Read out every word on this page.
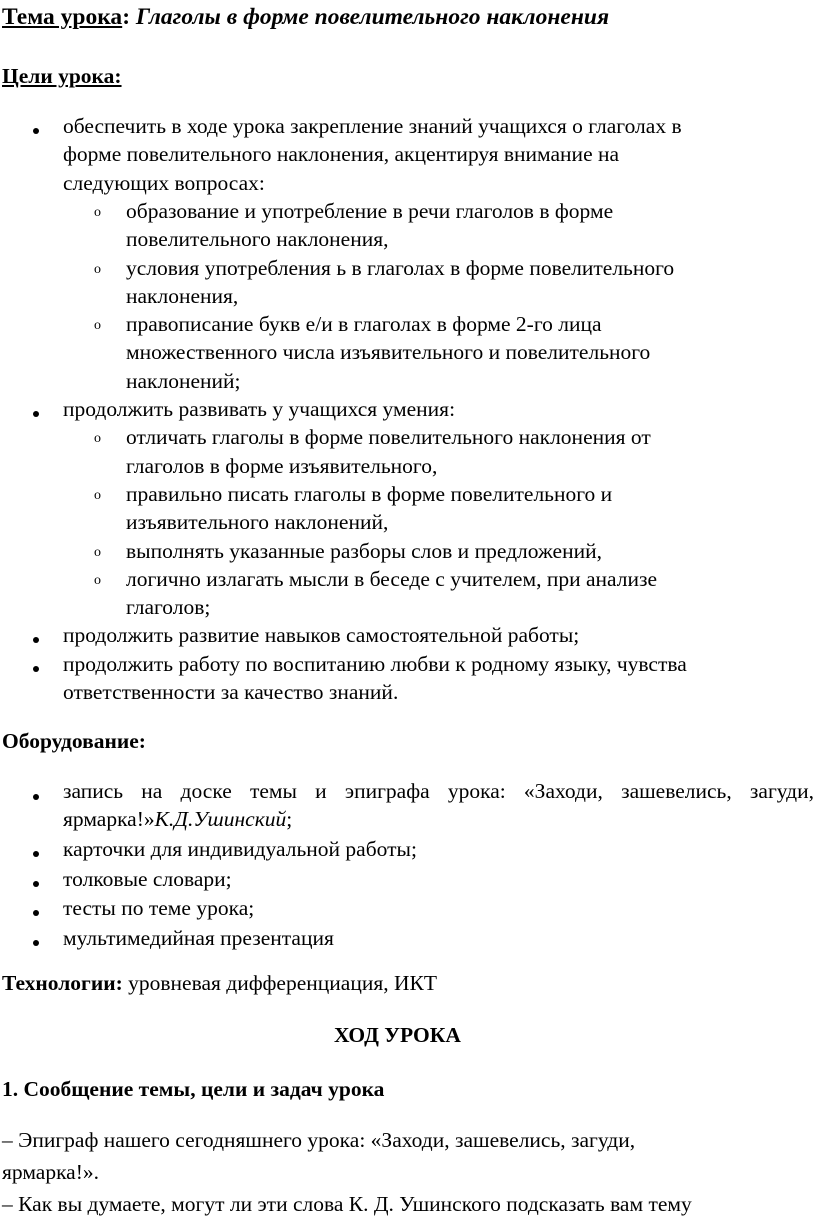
Тема урока: Глаголы в форме повелительного наклонения
Цели урока:
обеспечить в ходе урока закрепление знаний учащихся о глаголах в
форме повелительного наклонения, акцентируя внимание на
следующих вопросах:
o образование и употребление в речи глаголов в форме
повелительного наклонения,
o условия употребления ь в глаголах в форме повелительного
наклонения,
o правописание букв е/и в глаголах в форме 2-го лица
множественного числа изъявительного и повелительного
наклонений;
продолжить развивать у учащихся умения:
o отличать глаголы в форме повелительного наклонения от
глаголов в форме изъявительного,
o правильно писать глаголы в форме повелительного и
изъявительного наклонений,
o выполнять указанные разборы слов и предложений,
o логично излагать мысли в беседе с учителем, при анализе
глаголов;
продолжить развитие навыков самостоятельной работы;
продолжить работу по воспитанию любви к родному языку, чувства
ответственности за качество знаний.
Оборудование:
запись на доске темы и эпиграфа урока: «Заходи, зашевелись, загуди,
ярмарка!»К.Д.Ушинский;
карточки для индивидуальной работы;
толковые словари;
тесты по теме урока;
мультимедийная презентация
Технологии: уровневая дифференциация, ИКТ
ХОД УРОКА
1. Сообщение темы, цели и задач урока
– Эпиграф нашего сегодняшнего урока: «Заходи, зашевелись, загуди,
ярмарка!».
– Как вы думаете, могут ли эти слова К. Д. Ушинского подсказать вам тему
